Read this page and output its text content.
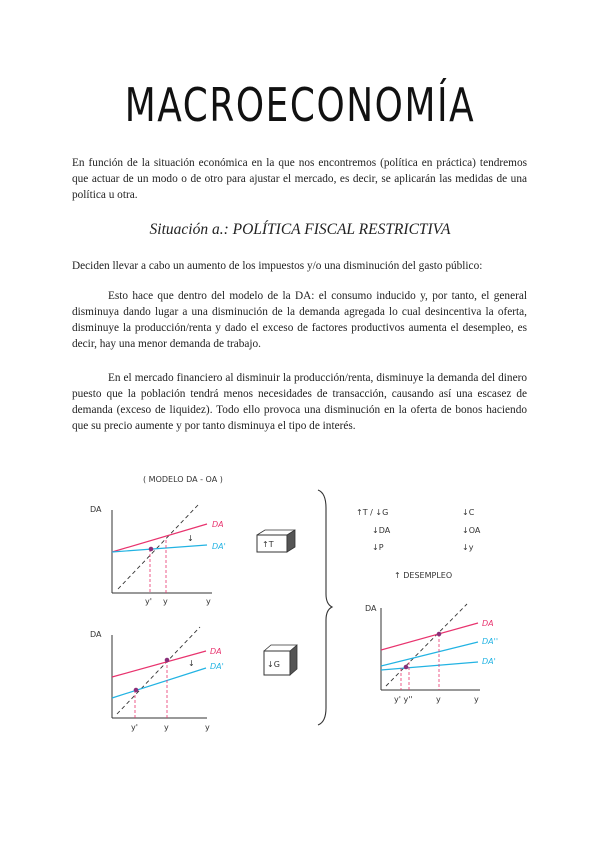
MACROECONOMÍA

En función de la situación económica en la que nos encontremos (política en práctica) tendremos que actuar de un modo o de otro para ajustar el mercado, es decir, se aplicarán las medidas de una política u otra.

Situación a.: POLÍTICA FISCAL RESTRICTIVA

Deciden llevar a cabo un aumento de los impuestos y/o una disminución del gasto público:

Esto hace que dentro del modelo de la DA: el consumo inducido y, por tanto, el general disminuya dando lugar a una disminución de la demanda agregada lo cual desincentiva la oferta, disminuye la producción/renta y dado el exceso de factores productivos aumenta el desempleo, es decir, hay una menor demanda de trabajo.

En el mercado financiero al disminuir la producción/renta, disminuye la demanda del dinero puesto que la población tendrá menos necesidades de transacción, causando así una escasez de demanda (exceso de liquidez). Todo ello provoca una disminución en la oferta de bonos haciendo que su precio aumente y por tanto disminuya el tipo de interés.

( MODELO DA - OA )
DA
y
DA
DA'
↓
y' y
↑T
DA
y
DA
DA'
↓
y'	y
↓G
↑T / ↓G
↓DA
↓P
↓C
↓OA
↓y
↑ DESEMPLEO
DA
y
DA
DA''
DA'
y' y''	y
